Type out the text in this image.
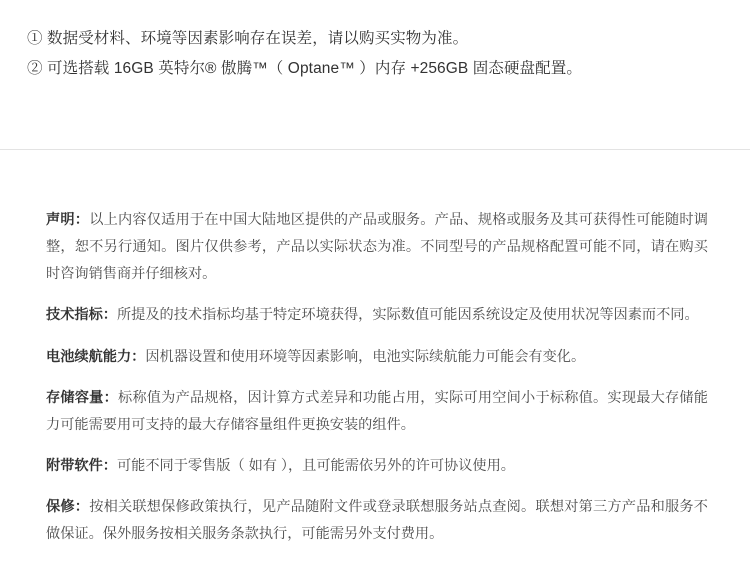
① 数据受材料、环境等因素影响存在误差，请以购买实物为准。
② 可选搭载 16GB 英特尔® 傲腾™（ Optane™ ）内存 +256GB 固态硬盘配置。

声明：以上内容仅适用于在中国大陆地区提供的产品或服务。产品、规格或服务及其可获得性可能随时调整，恕不另行通知。图片仅供参考，产品以实际状态为准。不同型号的产品规格配置可能不同，请在购买时咨询销售商并仔细核对。

技术指标：所提及的技术指标均基于特定环境获得，实际数值可能因系统设定及使用状况等因素而不同。

电池续航能力：因机器设置和使用环境等因素影响，电池实际续航能力可能会有变化。

存储容量：标称值为产品规格，因计算方式差异和功能占用，实际可用空间小于标称值。实现最大存储能力可能需要用可支持的最大存储容量组件更换安装的组件。

附带软件：可能不同于零售版（ 如有 ），且可能需依另外的许可协议使用。

保修：按相关联想保修政策执行，见产品随附文件或登录联想服务站点查阅。联想对第三方产品和服务不做保证。保外服务按相关服务条款执行，可能需另外支付费用。
